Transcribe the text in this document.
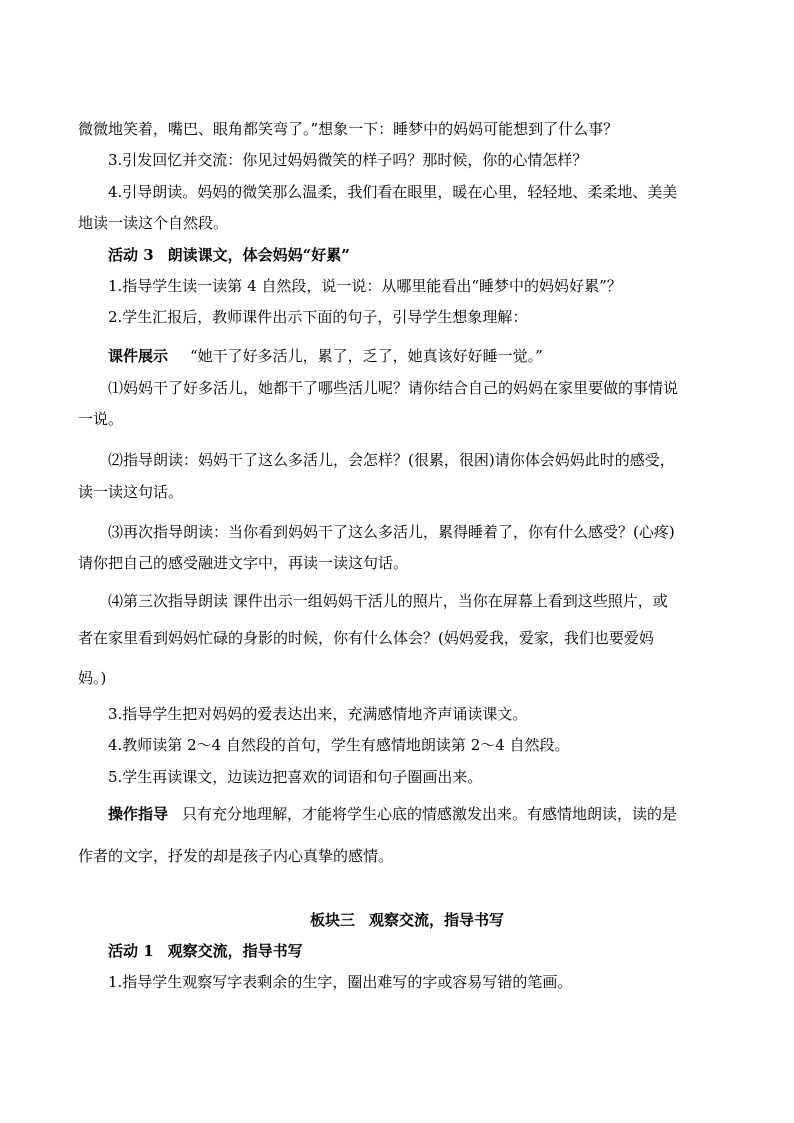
微微地笑着，嘴巴、眼角都笑弯了。”想象一下：睡梦中的妈妈可能想到了什么事？
3.引发回忆并交流：你见过妈妈微笑的样子吗？那时候，你的心情怎样？
4.引导朗读。妈妈的微笑那么温柔，我们看在眼里，暖在心里，轻轻地、柔柔地、美美
地读一读这个自然段。
活动 3 朗读课文，体会妈妈“好累”
1.指导学生读一读第 4 自然段，说一说：从哪里能看出“睡梦中的妈妈好累”？
2.学生汇报后，教师课件出示下面的句子，引导学生想象理解：
课件展示 “她干了好多活儿，累了，乏了，她真该好好睡一觉。”
⑴妈妈干了好多活儿，她都干了哪些活儿呢？请你结合自己的妈妈在家里要做的事情说
一说。
⑵指导朗读：妈妈干了这么多活儿，会怎样？(很累，很困)请你体会妈妈此时的感受，
读一读这句话。
⑶再次指导朗读：当你看到妈妈干了这么多活儿，累得睡着了，你有什么感受？(心疼)
请你把自己的感受融进文字中，再读一读这句话。
⑷第三次指导朗读 课件出示一组妈妈干活儿的照片，当你在屏幕上看到这些照片，或
者在家里看到妈妈忙碌的身影的时候，你有什么体会？(妈妈爱我，爱家，我们也要爱妈
妈。)
3.指导学生把对妈妈的爱表达出来，充满感情地齐声诵读课文。
4.教师读第 2～4 自然段的首句，学生有感情地朗读第 2～4 自然段。
5.学生再读课文，边读边把喜欢的词语和句子圈画出来。
操作指导 只有充分地理解，才能将学生心底的情感激发出来。有感情地朗读，读的是
作者的文字，抒发的却是孩子内心真挚的感情。
板块三 观察交流，指导书写
活动 1 观察交流，指导书写
1.指导学生观察写字表剩余的生字，圈出难写的字或容易写错的笔画。
